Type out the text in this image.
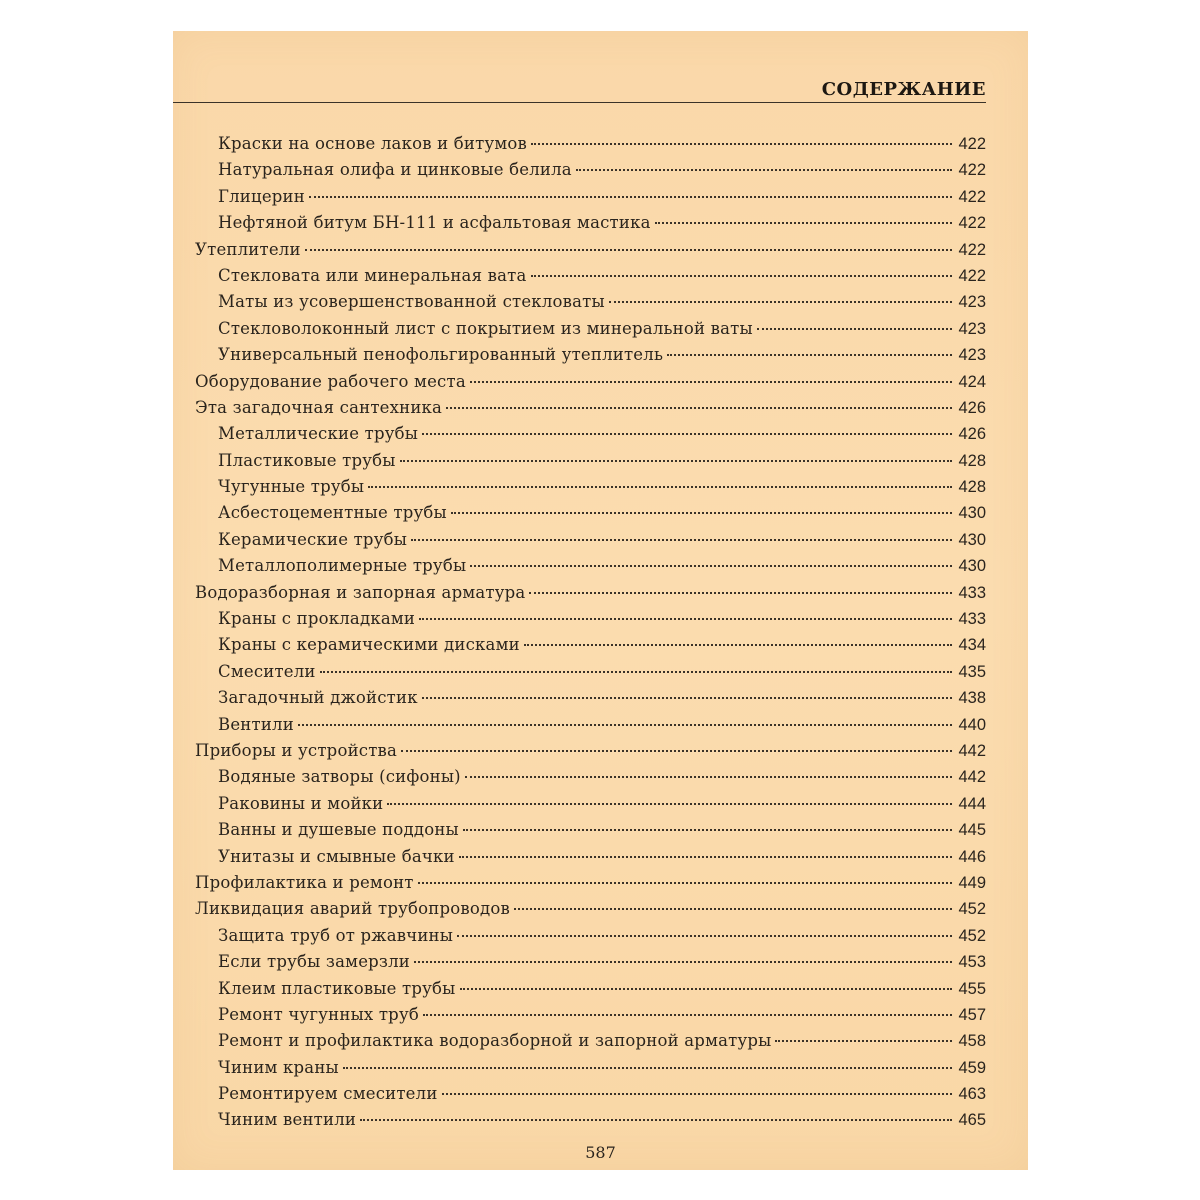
СОДЕРЖАНИЕ
Краски на основе лаков и битумов	422
Натуральная олифа и цинковые белила	422
Глицерин	422
Нефтяной битум БН-111 и асфальтовая мастика	422
Утеплители	422
Стекловата или минеральная вата	422
Маты из усовершенствованной стекловаты	423
Стекловолоконный лист с покрытием из минеральной ваты	423
Универсальный пенофольгированный утеплитель	423
Оборудование рабочего места	424
Эта загадочная сантехника	426
Металлические трубы	426
Пластиковые трубы	428
Чугунные трубы	428
Асбестоцементные трубы	430
Керамические трубы	430
Металлополимерные трубы	430
Водоразборная и запорная арматура	433
Краны с прокладками	433
Краны с керамическими дисками	434
Смесители	435
Загадочный джойстик	438
Вентили	440
Приборы и устройства	442
Водяные затворы (сифоны)	442
Раковины и мойки	444
Ванны и душевые поддоны	445
Унитазы и смывные бачки	446
Профилактика и ремонт	449
Ликвидация аварий трубопроводов	452
Защита труб от ржавчины	452
Если трубы замерзли	453
Клеим пластиковые трубы	455
Ремонт чугунных труб	457
Ремонт и профилактика водоразборной и запорной арматуры	458
Чиним краны	459
Ремонтируем смесители	463
Чиним вентили	465
587
